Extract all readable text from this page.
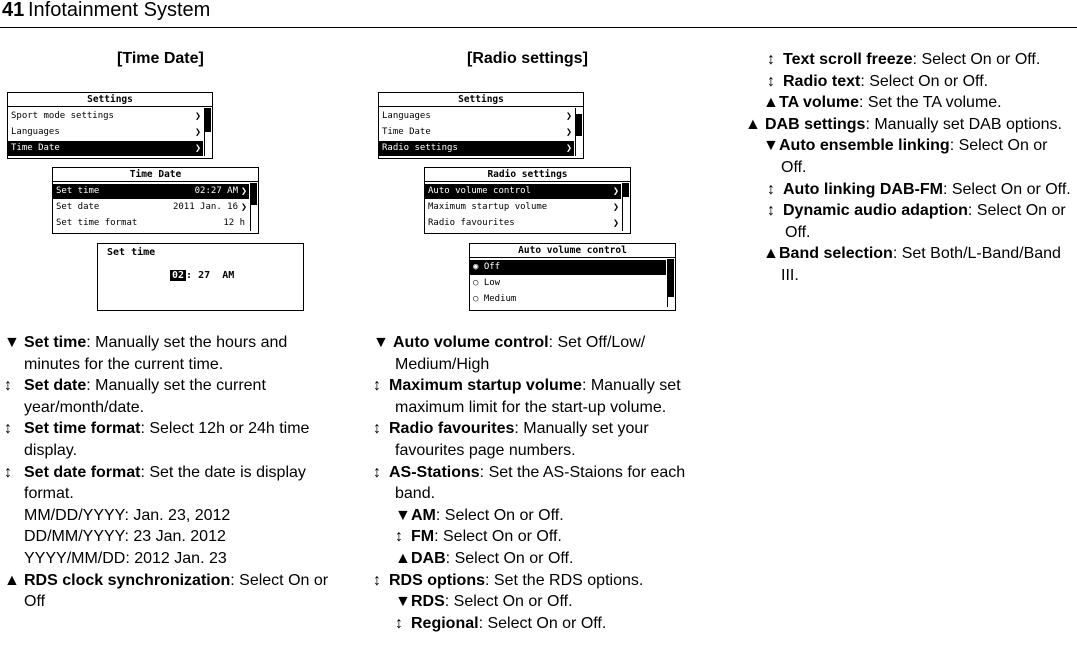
41 Infotainment System
[Time Date]	[Radio settings]
Settings
Sport mode settings	❯
Languages	❯
Time Date	❯
Time Date
Set time	02:27 AM ❯
Set date	2011 Jan. 16 ❯
Set time format	12 h
Set time
02 : 27 AM
Settings
Languages	❯
Time Date	❯
Radio settings	❯
Radio settings
Auto volume control	❯
Maximum startup volume	❯
Radio favourites	❯
Auto volume control
◉ Off
○ Low
○ Medium

▼ Set time: Manually set the hours and minutes for the current time.

↕ Set date: Manually set the current year/month/date.

↕ Set time format: Select 12h or 24h time display.

↕ Set date format: Set the date is display format.

MM/DD/YYYY: Jan. 23, 2012

DD/MM/YYYY: 23 Jan. 2012

YYYY/MM/DD: 2012 Jan. 23

▲ RDS clock synchronization: Select On or Off

▼ Auto volume control: Set Off/Low/ Medium/High

↕ Maximum startup volume: Manually set maximum limit for the start-up volume.

↕ Radio favourites: Manually set your favourites page numbers.

↕ AS-Stations: Set the AS-Staions for each band.

▼AM: Select On or Off.

↕ FM: Select On or Off.

▲DAB: Select On or Off.

↕ RDS options: Set the RDS options.

▼RDS: Select On or Off.

↕ Regional: Select On or Off.

↕ Text scroll freeze: Select On or Off.

↕ Radio text: Select On or Off.

▲TA volume: Set the TA volume.

▲ DAB settings: Manually set DAB options.

▼Auto ensemble linking: Select On or Off.

↕ Auto linking DAB-FM: Select On or Off.

↕ Dynamic audio adaption: Select On or Off.

▲Band selection: Set Both/L-Band/Band III.
